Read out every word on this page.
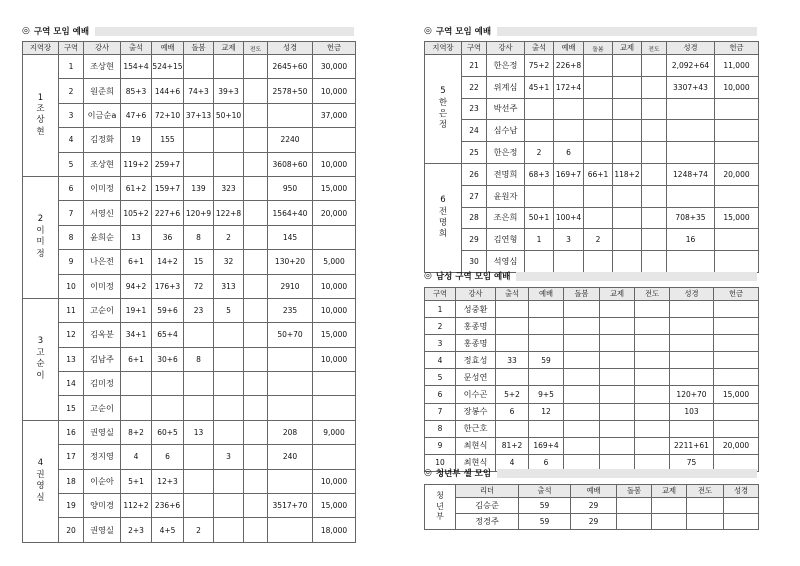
◎ 구역 모임 예배
지역장	구역	강사	출석	예배	돌봄	교제	전도	성경	헌금

1
조
상
현	1	조상현	154+4	524+15				2645+60	30,000
	2	원준희	85+3	144+6	74+3	39+3		2578+50	10,000
	3	이금순a	47+6	72+10	37+13	50+10			37,000
	4	김정화	19	155				2240	
	5	조상현	119+2	259+7				3608+60	10,000

2
이
미
정	6	이미정	61+2	159+7	139	323		950	15,000
	7	서영신	105+2	227+6	120+9	122+8		1564+40	20,000
	8	윤희순	13	36	8	2		145	
	9	나은전	6+1	14+2	15	32		130+20	5,000
	10	이미정	94+2	176+3	72	313		2910	10,000

3
고
순
이	11	고순이	19+1	59+6	23	5		235	10,000
	12	김옥분	34+1	65+4				50+70	15,000
	13	김남주	6+1	30+6	8				10,000
	14	김미정							
	15	고순이							

4
권
영
실	16	권영실	8+2	60+5	13			208	9,000
	17	정지영	4	6		3		240	
	18	이순아	5+1	12+3					10,000
	19	양미경	112+2	236+6				3517+70	15,000
	20	권영실	2+3	4+5	2				18,000
◎ 구역 모임 예배
지역장	구역	강사	출석	예배	돌봄	교제	전도	성경	헌금

5
한
은
정	21	한은정	75+2	226+8				2,092+64	11,000
	22	위계심	45+1	172+4				3307+43	10,000
	23	박선주							
	24	심수남							
	25	한은정	2	6					

6
전
명
희	26	전명희	68+3	169+7	66+1	118+2		1248+74	20,000
	27	윤원자							
	28	조은희	50+1	100+4				708+35	15,000
	29	김연형	1	3	2			16	
	30	석영심							
◎ 남성 구역 모임 예배
구역	강사	출석	예배	돌봄	교제	전도	성경	헌금
1	성중환							
2	홍종명							
3	홍종명							
4	정효성	33	59					
5	문성연							
6	이수곤	5+2	9+5				120+70	15,000
7	장봉수	6	12				103	
8	한근호							
9	최현식	81+2	169+4				2211+61	20,000
10	최현식	4	6				75	
◎ 청년부 셀 모임
청
년
부	리더	출석	예배	돌봄	교제	전도	성경
	김승준	59	29				
	정경주	59	29				
